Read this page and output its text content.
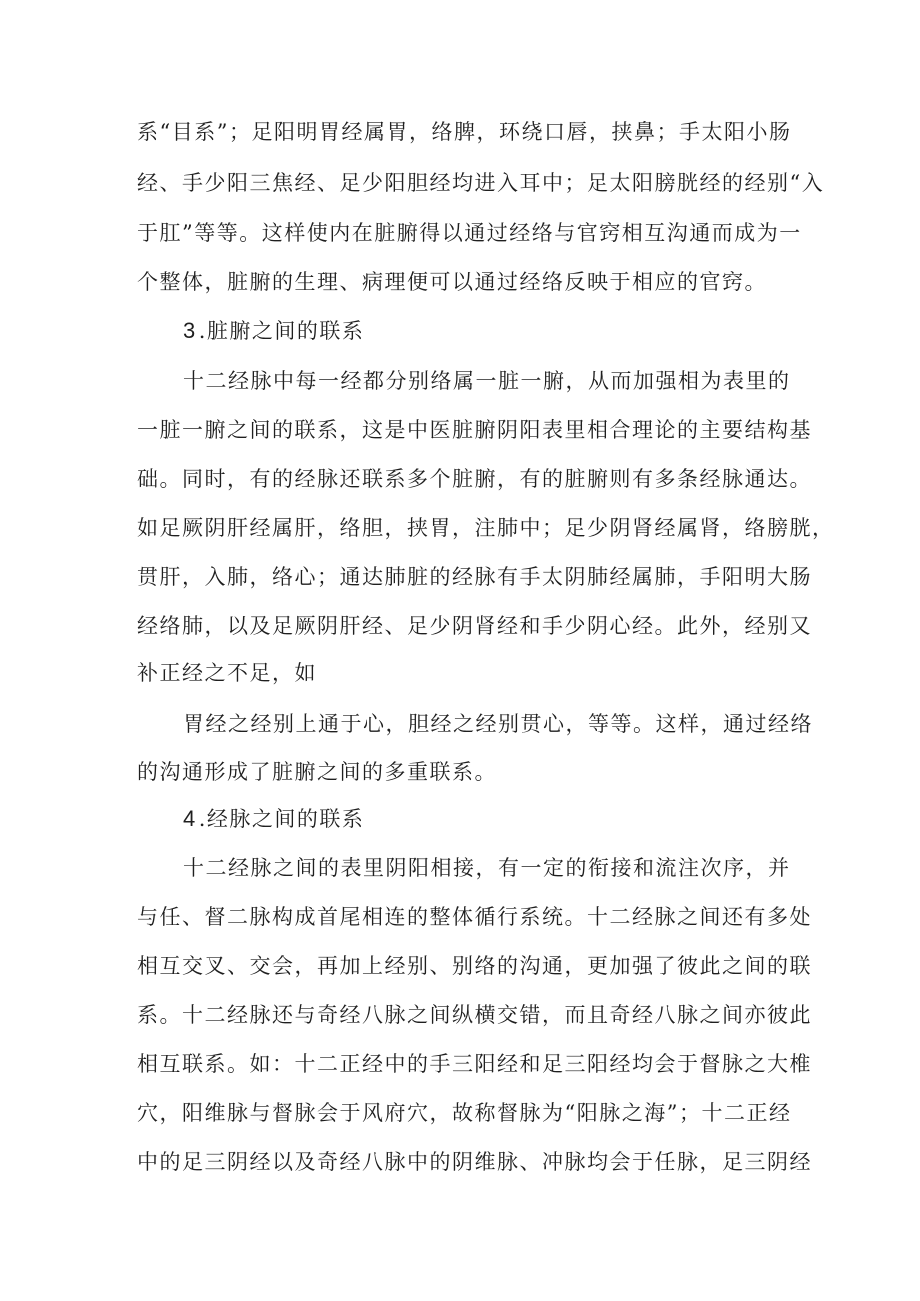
系“目系”；足阳明胃经属胃，络脾，环绕口唇，挟鼻；手太阳小肠
经、手少阳三焦经、足少阳胆经均进入耳中；足太阳膀胱经的经别“入
于肛”等等。这样使内在脏腑得以通过经络与官窍相互沟通而成为一
个整体，脏腑的生理、病理便可以通过经络反映于相应的官窍。
3.脏腑之间的联系
十二经脉中每一经都分别络属一脏一腑，从而加强相为表里的
一脏一腑之间的联系，这是中医脏腑阴阳表里相合理论的主要结构基
础。同时，有的经脉还联系多个脏腑，有的脏腑则有多条经脉通达。
如足厥阴肝经属肝，络胆，挟胃，注肺中；足少阴肾经属肾，络膀胱，
贯肝，入肺，络心；通达肺脏的经脉有手太阴肺经属肺，手阳明大肠
经络肺，以及足厥阴肝经、足少阴肾经和手少阴心经。此外，经别又
补正经之不足，如
胃经之经别上通于心，胆经之经别贯心，等等。这样，通过经络
的沟通形成了脏腑之间的多重联系。
4.经脉之间的联系
十二经脉之间的表里阴阳相接，有一定的衔接和流注次序，并
与任、督二脉构成首尾相连的整体循行系统。十二经脉之间还有多处
相互交叉、交会，再加上经别、别络的沟通，更加强了彼此之间的联
系。十二经脉还与奇经八脉之间纵横交错，而且奇经八脉之间亦彼此
相互联系。如：十二正经中的手三阳经和足三阳经均会于督脉之大椎
穴，阳维脉与督脉会于风府穴，故称督脉为“阳脉之海”；十二正经
中的足三阴经以及奇经八脉中的阴维脉、冲脉均会于任脉，足三阴经
